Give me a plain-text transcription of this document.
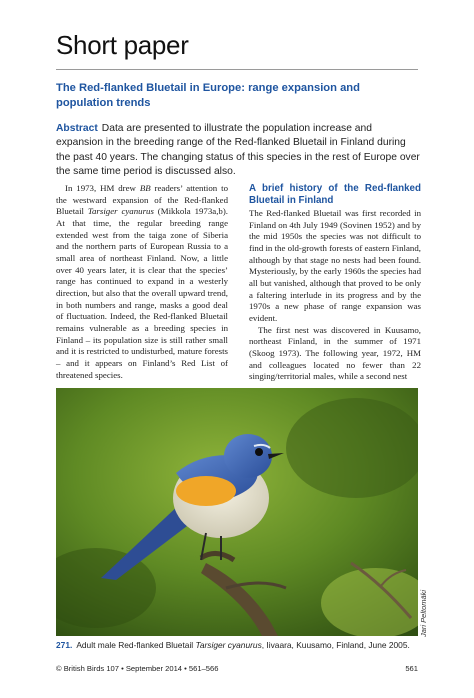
Short paper
The Red-flanked Bluetail in Europe: range expansion and population trends
Abstract Data are presented to illustrate the population increase and expansion in the breeding range of the Red-flanked Bluetail in Finland during the past 40 years. The changing status of this species in the rest of Europe over the same time period is discussed also.

In 1973, HM drew BB readers’ attention to the westward expansion of the Red-flanked Bluetail Tarsiger cyanurus (Mikkola 1973a,b). At that time, the regular breeding range extended west from the taiga zone of Siberia and the northern parts of European Russia to a small area of northeast Finland. Now, a little over 40 years later, it is clear that the species’ range has continued to expand in a westerly direction, but also that the overall upward trend, in both numbers and range, masks a good deal of fluctuation. Indeed, the Red-flanked Bluetail remains vulnerable as a breeding species in Finland – its population size is still rather small and it is restricted to undisturbed, mature forests – and it appears on Finland’s Red List of threatened species.

A brief history of the Red-flanked Bluetail in Finland

The Red-flanked Bluetail was first recorded in Finland on 4th July 1949 (Sovinen 1952) and by the mid 1950s the species was not difficult to find in the old-growth forests of eastern Finland, although by that stage no nests had been found. Mysteriously, by the early 1960s the species had all but vanished, although that proved to be only a faltering interlude in its progress and by the 1970s a new phase of range expansion was evident.

The first nest was discovered in Kuusamo, northeast Finland, in the summer of 1971 (Skoog 1973). The following year, 1972, HM and colleagues located no fewer than 22 singing/territorial males, while a second nest

Jari Peltomäki
271. Adult male Red-flanked Bluetail Tarsiger cyanurus, Iivaara, Kuusamo, Finland, June 2005.
© British Birds 107 • September 2014 • 561–566	561
